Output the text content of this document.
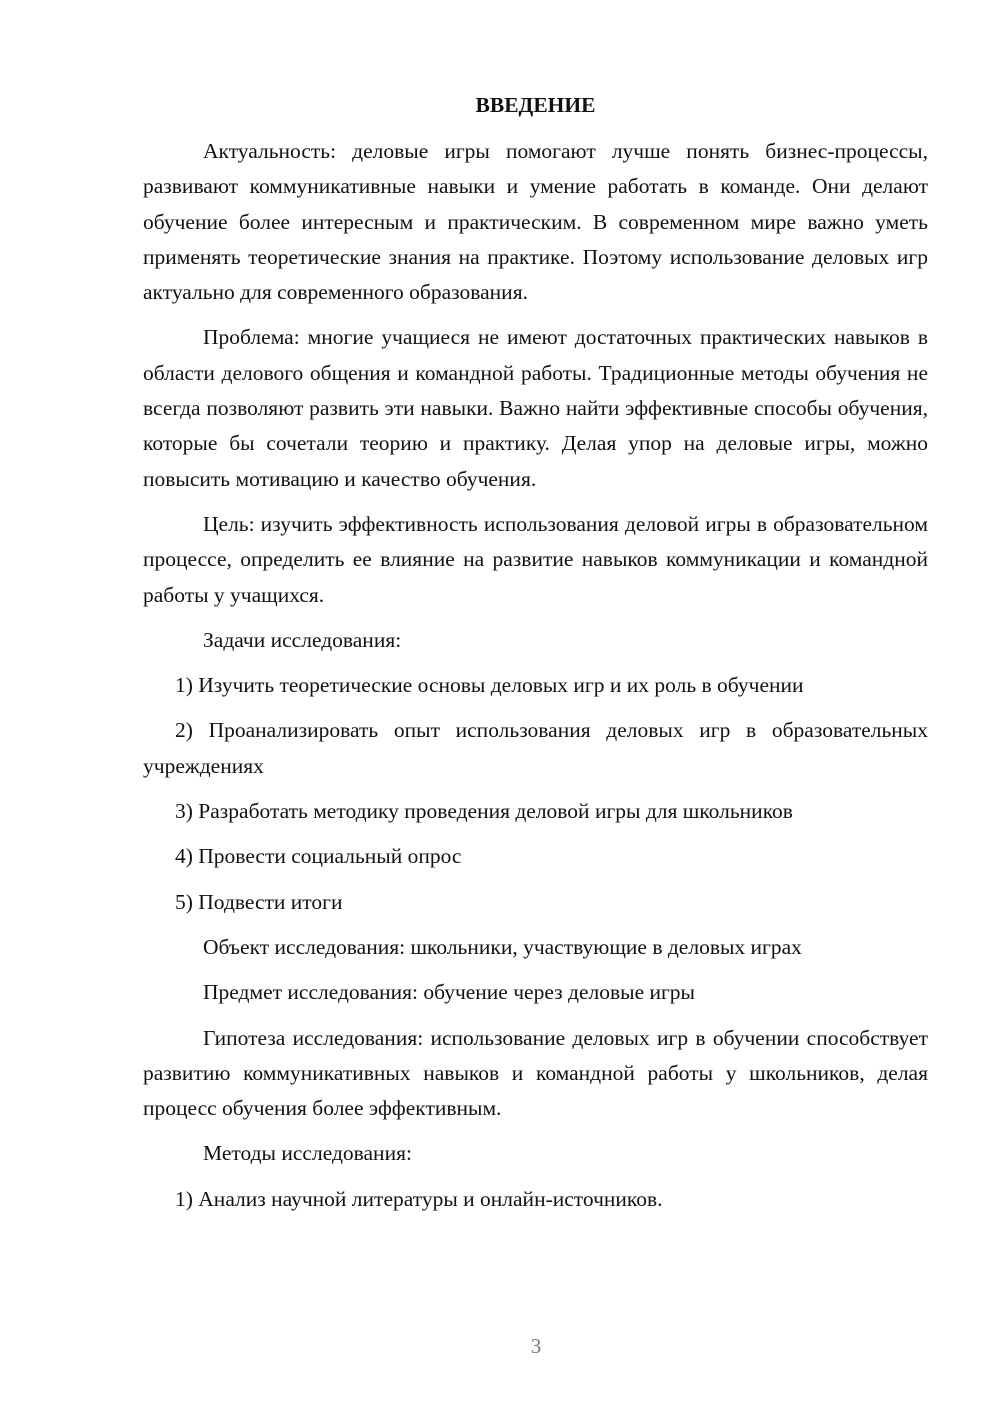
ВВЕДЕНИЕ

Актуальность: деловые игры помогают лучше понять бизнес-процессы, развивают коммуникативные навыки и умение работать в команде. Они делают обучение более интересным и практическим. В современном мире важно уметь применять теоретические знания на практике. Поэтому использование деловых игр актуально для современного образования.

Проблема: многие учащиеся не имеют достаточных практических навыков в области делового общения и командной работы. Традиционные методы обучения не всегда позволяют развить эти навыки. Важно найти эффективные способы обучения, которые бы сочетали теорию и практику. Делая упор на деловые игры, можно повысить мотивацию и качество обучения.

Цель: изучить эффективность использования деловой игры в образовательном процессе, определить ее влияние на развитие навыков коммуникации и командной работы у учащихся.

Задачи исследования:
1) Изучить теоретические основы деловых игр и их роль в обучении

2) Проанализировать опыт использования деловых игр в образовательных учреждениях

3) Разработать методику проведения деловой игры для школьников
4) Провести социальный опрос
5) Подвести итоги
Объект исследования: школьники, участвующие в деловых играх
Предмет исследования: обучение через деловые игры

Гипотеза исследования: использование деловых игр в обучении способствует развитию коммуникативных навыков и командной работы у школьников, делая процесс обучения более эффективным.

Методы исследования:
1) Анализ научной литературы и онлайн-источников.
3
